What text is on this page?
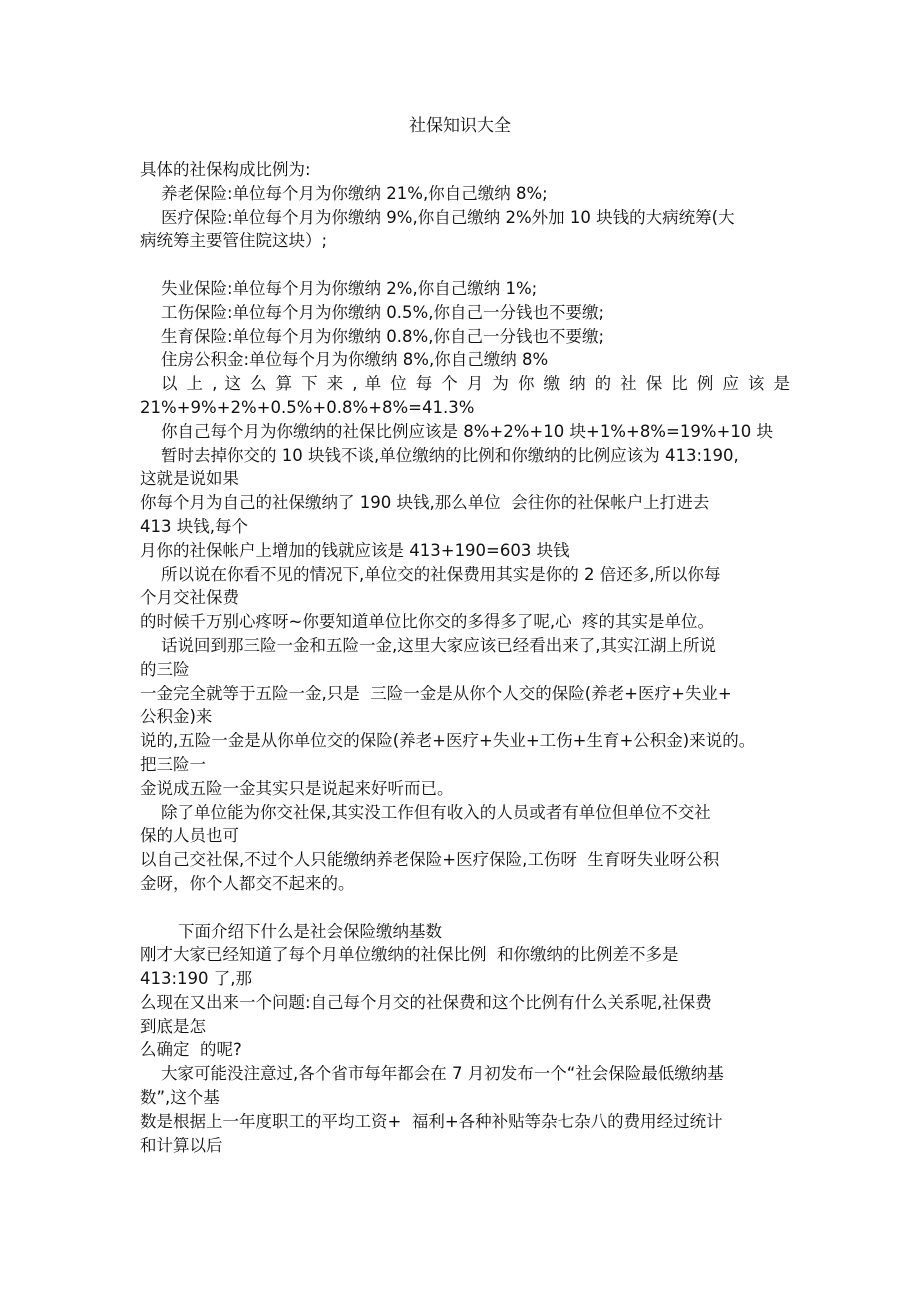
社保知识大全
具体的社保构成比例为:
养老保险:单位每个月为你缴纳 21%,你自己缴纳 8%;
医疗保险:单位每个月为你缴纳 9%,你自己缴纳 2%外加 10 块钱的大病统筹(大
病统筹主要管住院这块）;
失业保险:单位每个月为你缴纳 2%,你自己缴纳 1%;
工伤保险:单位每个月为你缴纳 0.5%,你自己一分钱也不要缴;
生育保险:单位每个月为你缴纳 0.8%,你自己一分钱也不要缴;
住房公积金:单位每个月为你缴纳 8%,你自己缴纳 8%
以 上 , 这 么 算 下 来 , 单 位 每 个 月 为 你 缴 纳 的 社 保 比 例 应 该 是
21%+9%+2%+0.5%+0.8%+8%=41.3%
你自己每个月为你缴纳的社保比例应该是 8%+2%+10 块+1%+8%=19%+10 块
暂时去掉你交的 10 块钱不谈,单位缴纳的比例和你缴纳的比例应该为 413:190,
这就是说如果
你每个月为自己的社保缴纳了 190 块钱,那么单位  会往你的社保帐户上打进去
413 块钱,每个
月你的社保帐户上增加的钱就应该是 413+190=603 块钱
所以说在你看不见的情况下,单位交的社保费用其实是你的 2 倍还多,所以你每
个月交社保费
的时候千万别心疼呀~你要知道单位比你交的多得多了呢,心  疼的其实是单位。
话说回到那三险一金和五险一金,这里大家应该已经看出来了,其实江湖上所说
的三险
一金完全就等于五险一金,只是  三险一金是从你个人交的保险(养老+医疗+失业+
公积金)来
说的,五险一金是从你单位交的保险(养老+医疗+失业+工伤+生育+公积金)来说的。
把三险一
金说成五险一金其实只是说起来好听而已。
除了单位能为你交社保,其实没工作但有收入的人员或者有单位但单位不交社
保的人员也可
以自己交社保,不过个人只能缴纳养老保险+医疗保险,工伤呀  生育呀失业呀公积
金呀，你个人都交不起来的。
下面介绍下什么是社会保险缴纳基数
刚才大家已经知道了每个月单位缴纳的社保比例  和你缴纳的比例差不多是
413:190 了,那
么现在又出来一个问题:自己每个月交的社保费和这个比例有什么关系呢,社保费
到底是怎
么确定  的呢?
大家可能没注意过,各个省市每年都会在 7 月初发布一个“社会保险最低缴纳基
数”,这个基
数是根据上一年度职工的平均工资+  福利+各种补贴等杂七杂八的费用经过统计
和计算以后
